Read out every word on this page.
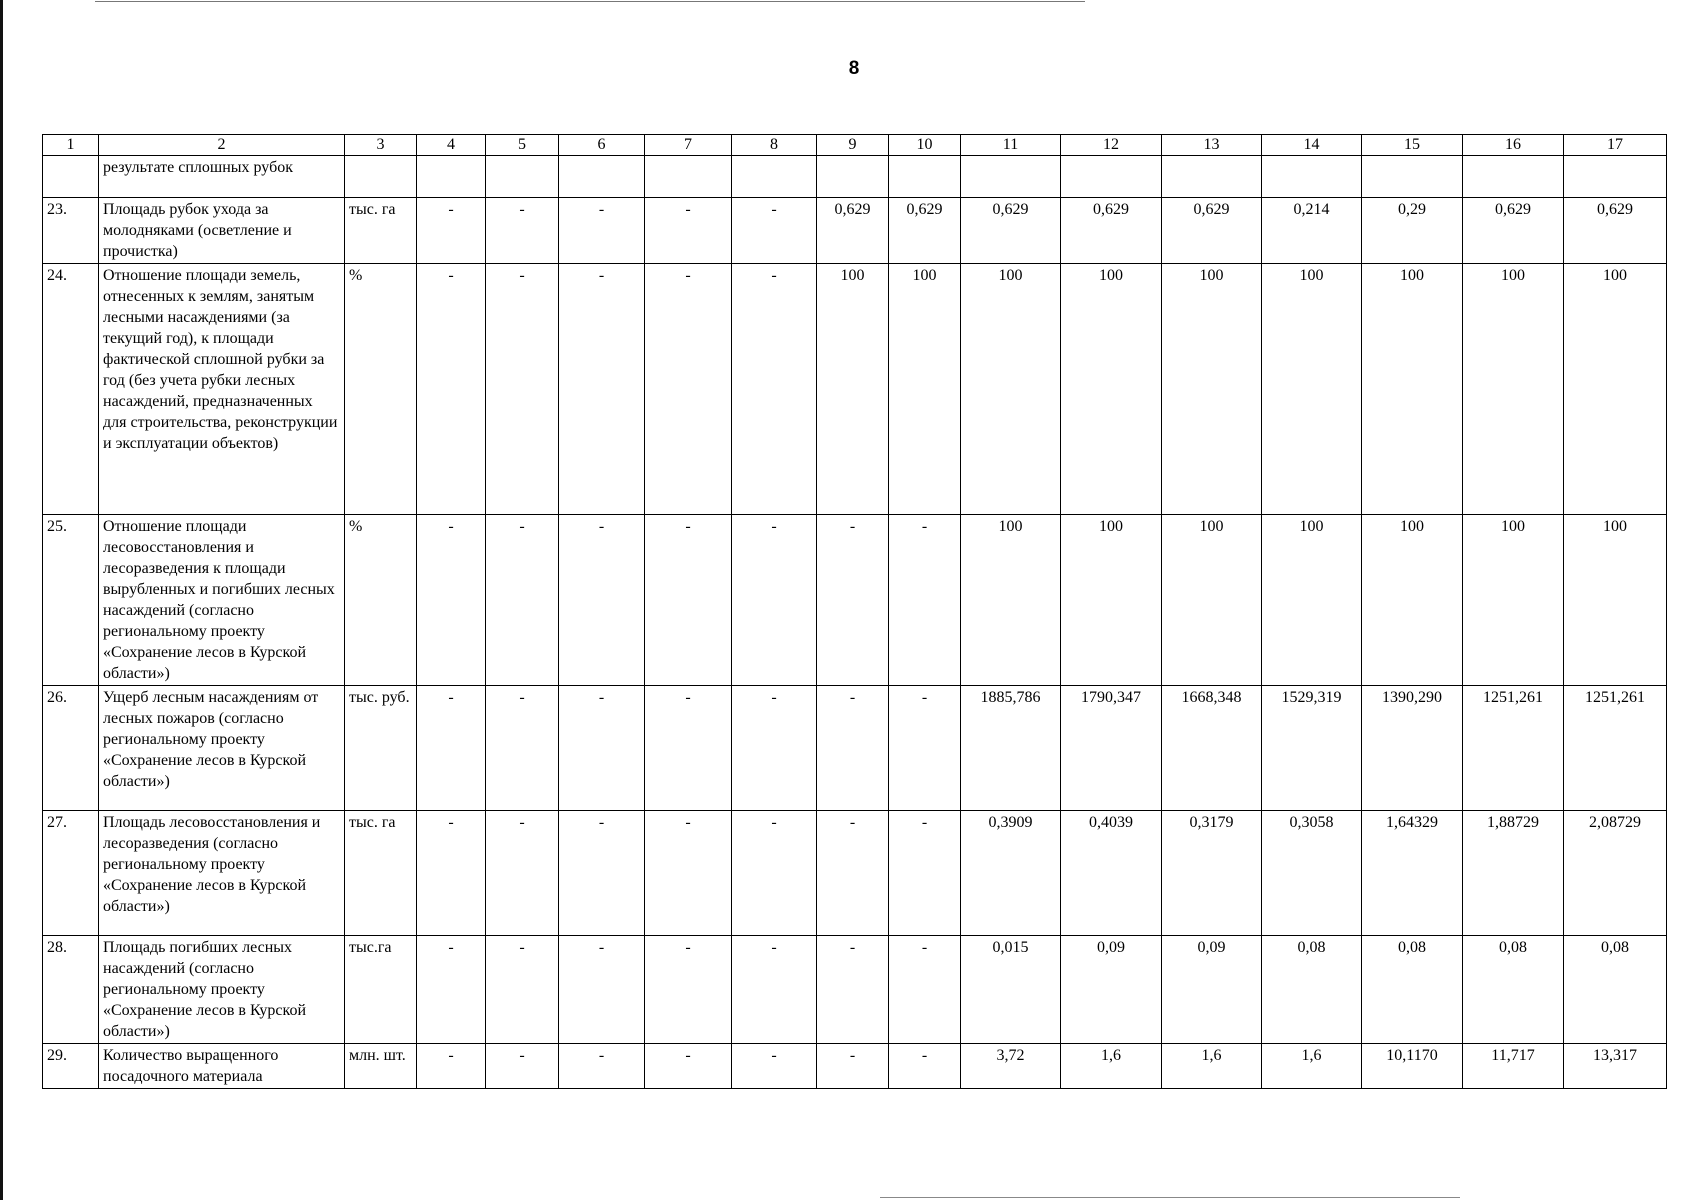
8
1	2	3	4	5	6	7	8	9	10	11	12	13	14	15	16	17
	результате сплошных рубок															
23.	Площадь рубок ухода за молодняками (осветление и прочистка)	тыс. га	-	-	-	-	-	0,629	0,629	0,629	0,629	0,629	0,214	0,29	0,629	0,629
24.	Отношение площади земель, отнесенных к землям, занятым лесными насаждениями (за текущий год), к площади фактической сплошной рубки за год (без учета рубки лесных насаждений, предназначенных для строительства, реконструкции и эксплуатации объектов)	%	-	-	-	-	-	100	100	100	100	100	100	100	100	100
25.	Отношение площади лесовосстановления и лесоразведения к площади вырубленных и погибших лесных насаждений (согласно региональному проекту «Сохранение лесов в Курской области»)	%	-	-	-	-	-	-	-	100	100	100	100	100	100	100
26.	Ущерб лесным насаждениям от лесных пожаров (согласно региональному проекту «Сохранение лесов в Курской области»)	тыс. руб.	-	-	-	-	-	-	-	1885,786	1790,347	1668,348	1529,319	1390,290	1251,261	1251,261
27.	Площадь лесовосстановления и лесоразведения (согласно региональному проекту «Сохранение лесов в Курской области»)	тыс. га	-	-	-	-	-	-	-	0,3909	0,4039	0,3179	0,3058	1,64329	1,88729	2,08729
28.	Площадь погибших лесных насаждений (согласно региональному проекту «Сохранение лесов в Курской области»)	тыс.га	-	-	-	-	-	-	-	0,015	0,09	0,09	0,08	0,08	0,08	0,08
29.	Количество выращенного посадочного материала	млн. шт.	-	-	-	-	-	-	-	3,72	1,6	1,6	1,6	10,1170	11,717	13,317
